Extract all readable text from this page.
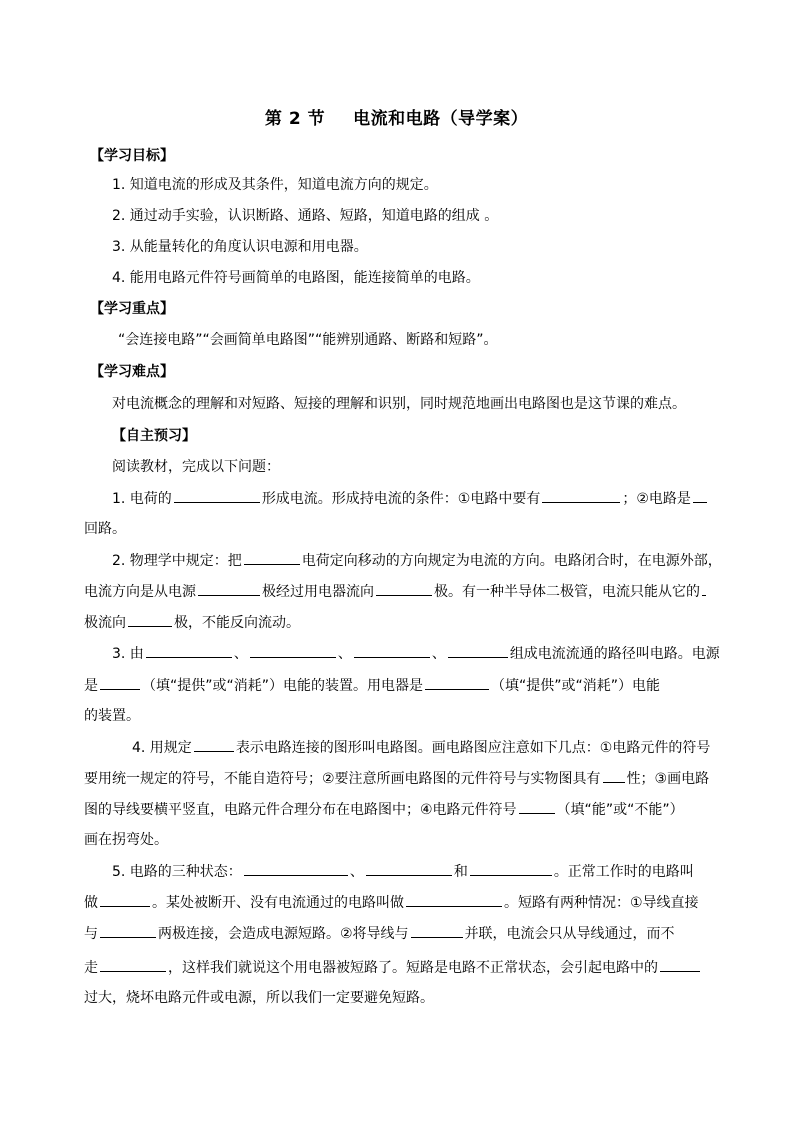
第 2 节 电流和电路（导学案）
【学习目标】
1. 知道电流的形成及其条件，知道电流方向的规定。
2. 通过动手实验，认识断路、通路、短路，知道电路的组成 。
3. 从能量转化的角度认识电源和用电器。
4. 能用电路元件符号画简单的电路图，能连接简单的电路。
【学习重点】
“会连接电路”“会画简单电路图”“能辨别通路、断路和短路”。
【学习难点】
对电流概念的理解和对短路、短接的理解和识别，同时规范地画出电路图也是这节课的难点。
【自主预习】
阅读教材，完成以下问题：
1. 电荷的	形成电流。形成持电流的条件：①电路中要有	；②电路是
回路。
2. 物理学中规定：把	电荷定向移动的方向规定为电流的方向。电路闭合时，在电源外部，
电流方向是从电源	极经过用电器流向	极。有一种半导体二极管，电流只能从它的
极流向	极，不能反向流动。
3. 由	、	、	、	组成电流流通的路径叫电路。电源
是	（填“提供”或“消耗”）电能的装置。用电器是	（填“提供”或“消耗”）电能
的装置。
4. 用规定	表示电路连接的图形叫电路图。画电路图应注意如下几点：①电路元件的符号
要用统一规定的符号，不能自造符号；②要注意所画电路图的元件符号与实物图具有 性；③画电路
图的导线要横平竖直，电路元件合理分布在电路图中；④电路元件符号	（填“能”或“不能”）
画在拐弯处。
5. 电路的三种状态：	、	和	。正常工作时的电路叫
做	。某处被断开、没有电流通过的电路叫做	。短路有两种情况：①导线直接
与	两极连接，会造成电源短路。②将导线与	并联，电流会只从导线通过，而不
走	，这样我们就说这个用电器被短路了。短路是电路不正常状态，会引起电路中的
过大，烧坏电路元件或电源，所以我们一定要避免短路。
